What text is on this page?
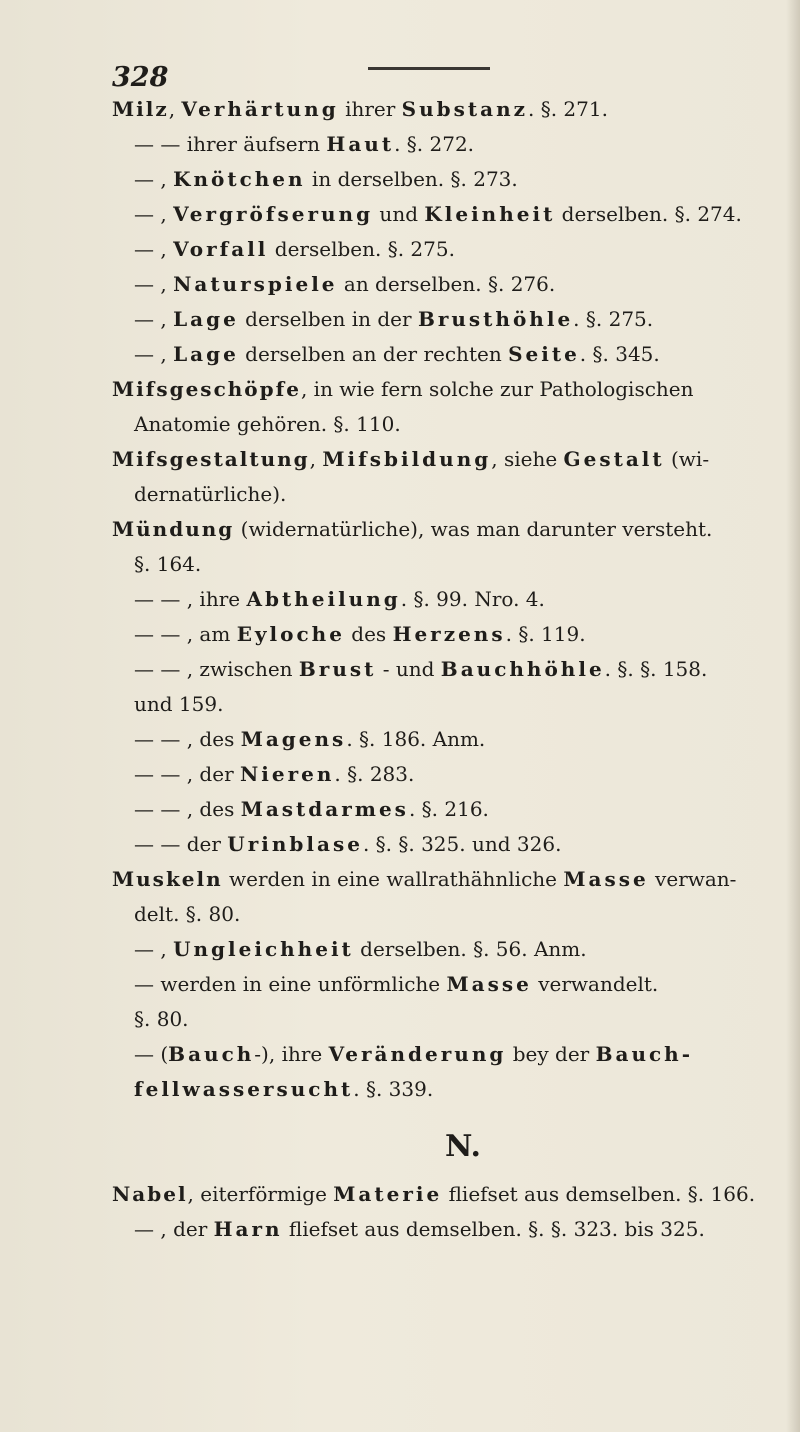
328
Milz, Verhärtung ihrer Substanz. §. 271.
— — ihrer äufsern Haut. §. 272.
— , Knötchen in derselben. §. 273.
— , Vergröfserung und Kleinheit derselben. §. 274.
— , Vorfall derselben. §. 275.
— , Naturspiele an derselben. §. 276.
— , Lage derselben in der Brusthöhle. §. 275.
— , Lage derselben an der rechten Seite. §. 345.
Mifsgeschöpfe, in wie fern solche zur Pathologischen
Anatomie gehören. §. 110.
Mifsgestaltung, Mifsbildung, siehe Gestalt (wi-
dernatürliche).
Mündung (widernatürliche), was man darunter versteht.
§. 164.
— — , ihre Abtheilung. §. 99. Nro. 4.
— — , am Eyloche des Herzens. §. 119.
— — , zwischen Brust - und Bauchhöhle. §. §. 158.
und 159.
— — , des Magens. §. 186. Anm.
— — , der Nieren. §. 283.
— — , des Mastdarmes. §. 216.
— — der Urinblase. §. §. 325. und 326.
Muskeln werden in eine wallrathähnliche Masse verwan-
delt. §. 80.
— , Ungleichheit derselben. §. 56. Anm.
— werden in eine unförmliche Masse verwandelt.
§. 80.
— (Bauch-), ihre Veränderung bey der Bauch-
fellwassersucht. §. 339.
N.
Nabel, eiterförmige Materie fliefset aus demselben. §. 166.
— , der Harn fliefset aus demselben. §. §. 323. bis 325.
